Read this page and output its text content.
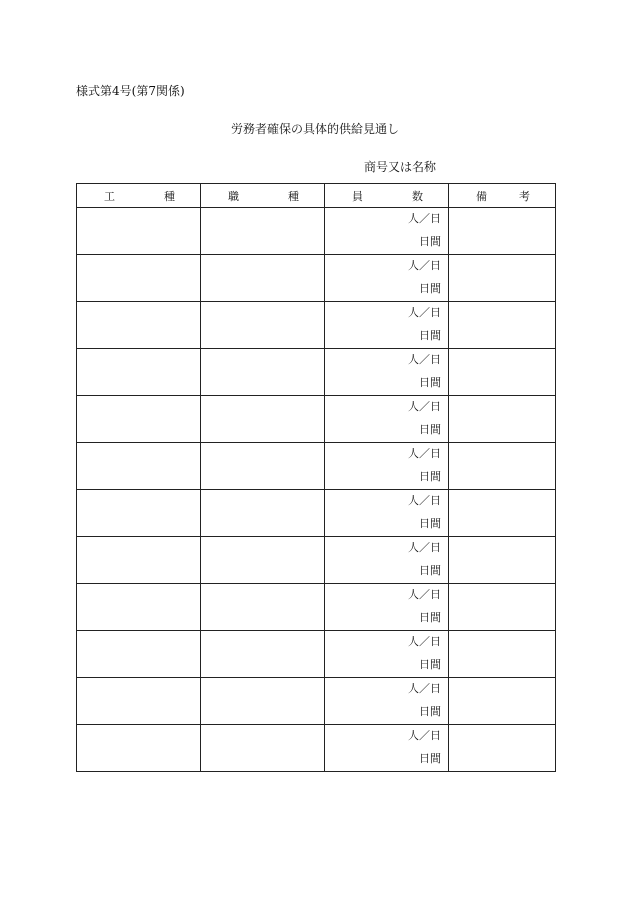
様式第4号(第7関係)
労務者確保の具体的供給見通し
商号又は名称
工 種	職 種	員 数	備 考

		人／日
日間	

		人／日
日間	

		人／日
日間	

		人／日
日間	

		人／日
日間	

		人／日
日間	

		人／日
日間	

		人／日
日間	

		人／日
日間	

		人／日
日間	

		人／日
日間	

		人／日
日間	
